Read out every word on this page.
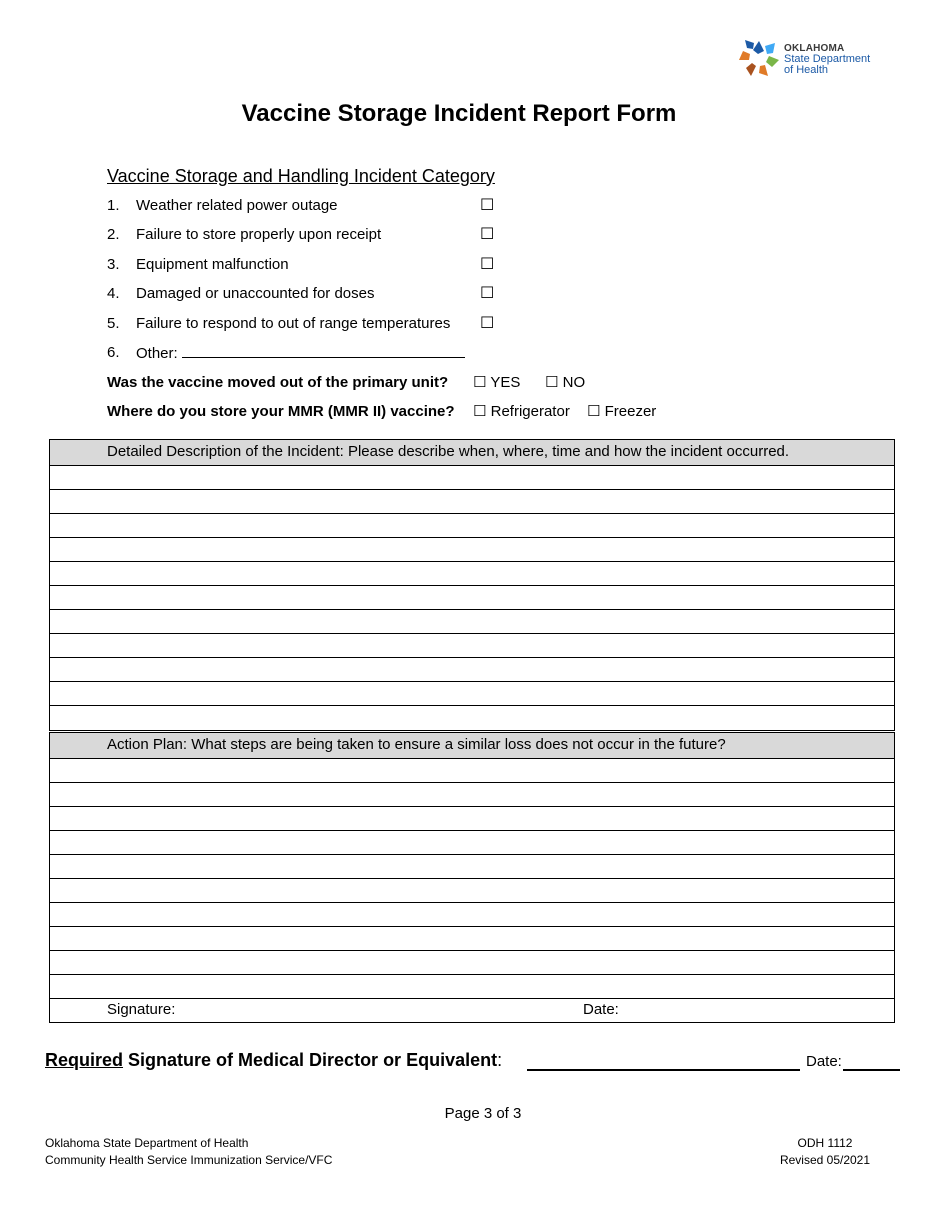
OKLAHOMA
State Department
of Health
Vaccine Storage Incident Report Form
Vaccine Storage and Handling Incident Category
1. Weather related power outage	☐
2. Failure to store properly upon receipt	☐
3. Equipment malfunction	☐
4. Damaged or unaccounted for doses	☐
5. Failure to respond to out of range temperatures ☐
6. Other:
Was the vaccine moved out of the primary unit? ☐ YES ☐ NO
Where do you store your MMR (MMR II) vaccine? ☐ Refrigerator ☐ Freezer
Detailed Description of the Incident: Please describe when, where, time and how the incident occurred.
Action Plan: What steps are being taken to ensure a similar loss does not occur in the future?
Signature:	Date:
Required Signature of Medical Director or Equivalent:	Date:
Page 3 of 3
Oklahoma State Department of Health
Community Health Service Immunization Service/VFC
ODH 1112
Revised 05/2021
